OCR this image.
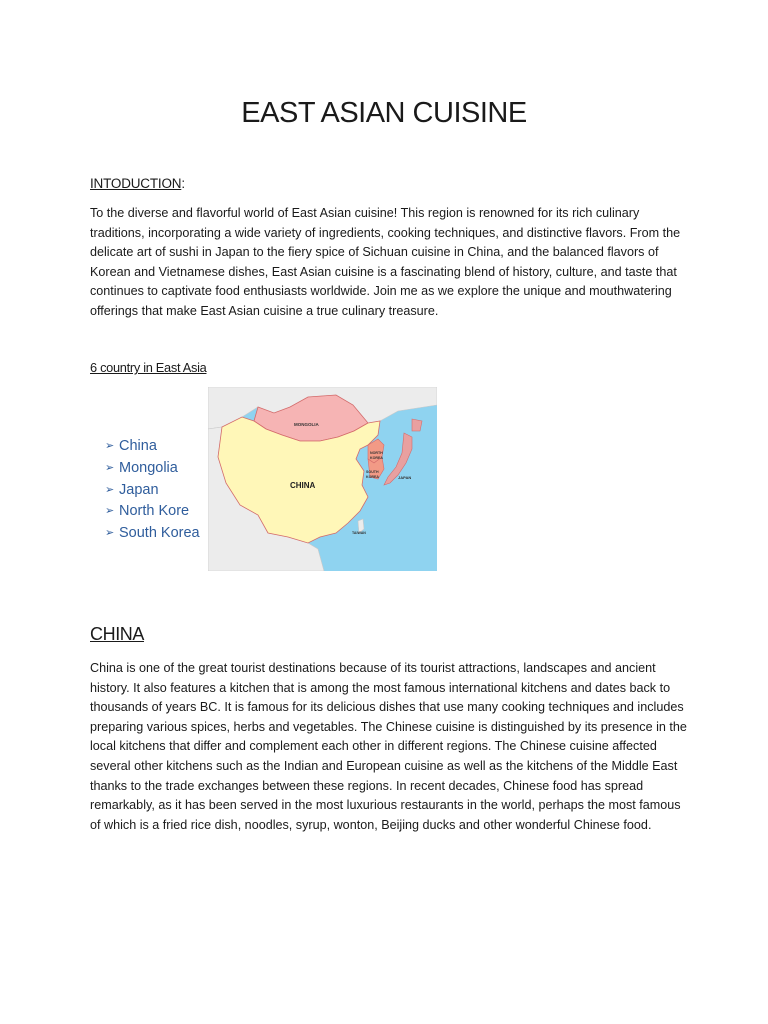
EAST ASIAN CUISINE
INTODUCTION:

To the diverse and flavorful world of East Asian cuisine! This region is renowned for its rich culinary traditions, incorporating a wide variety of ingredients, cooking techniques, and distinctive flavors. From the delicate art of sushi in Japan to the fiery spice of Sichuan cuisine in China, and the balanced flavors of Korean and Vietnamese dishes, East Asian cuisine is a fascinating blend of history, culture, and taste that continues to captivate food enthusiasts worldwide. Join me as we explore the unique and mouthwatering offerings that make East Asian cuisine a true culinary treasure.

6 country in East Asia
➢ China
➢ Mongolia
➢ Japan
➢ North Kore
➢ South Korea
MONGOLIA
CHINA
NORTH
KOREA
SOUTH
KOREA	JAPAN
TAIWAN
CHINA

China is one of the great tourist destinations because of its tourist attractions, landscapes and ancient history. It also features a kitchen that is among the most famous international kitchens and dates back to thousands of years BC. It is famous for its delicious dishes that use many cooking techniques and includes preparing various spices, herbs and vegetables. The Chinese cuisine is distinguished by its presence in the local kitchens that differ and complement each other in different regions. The Chinese cuisine affected several other kitchens such as the Indian and European cuisine as well as the kitchens of the Middle East thanks to the trade exchanges between these regions. In recent decades, Chinese food has spread remarkably, as it has been served in the most luxurious restaurants in the world, perhaps the most famous of which is a fried rice dish, noodles, syrup, wonton, Beijing ducks and other wonderful Chinese food.
